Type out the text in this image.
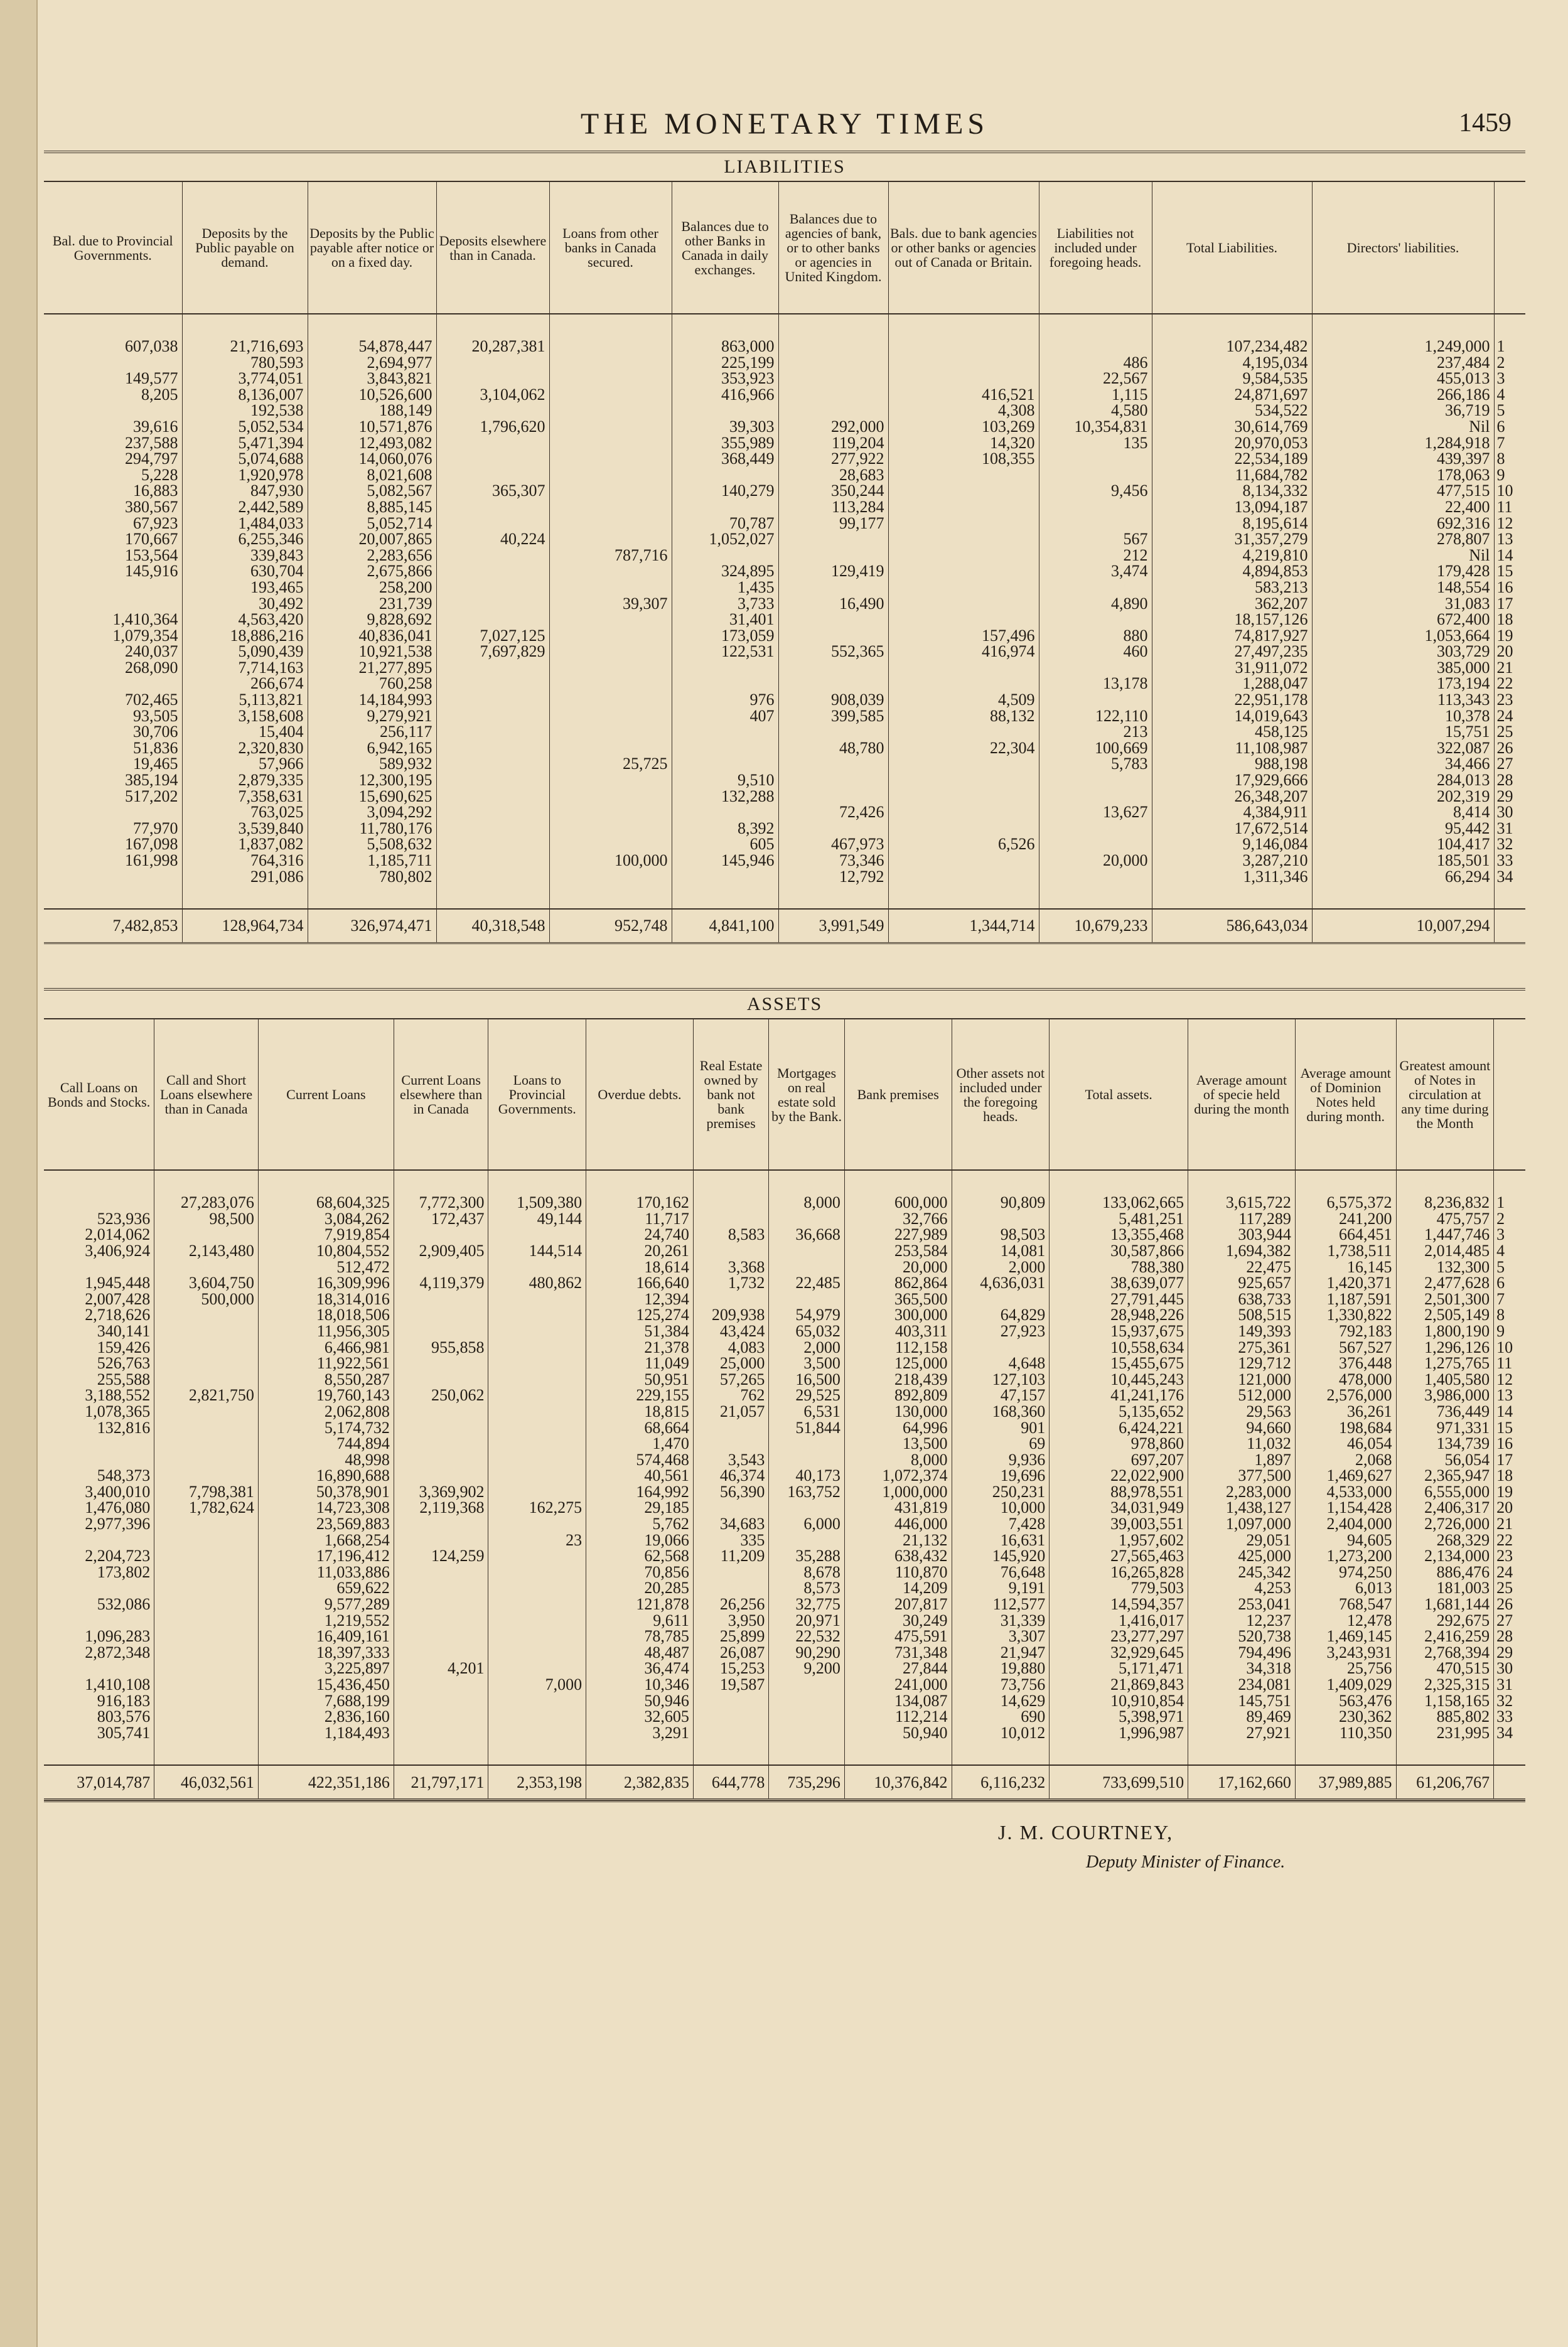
THE MONETARY TIMES	1459
LIABILITIES
Bal. due to Provincial Governments.	Deposits by the Public payable on demand.	Deposits by the Public payable after notice or on a fixed day.	Deposits elsewhere than in Canada.	Loans from other banks in Canada secured.	Balances due to other Banks in Canada in daily exchanges.	Balances due to agencies of bank, or to other banks or agencies in United Kingdom.	Bals. due to bank agencies or other banks or agencies out of Canada or Britain.	Liabilities not included under foregoing heads.	Total Liabilities.	Directors' liabilities.	

607,038	21,716,693	54,878,447	20,287,381		863,000				107,234,482	1,249,000	1
	780,593	2,694,977			225,199			486	4,195,034	237,484	2
149,577	3,774,051	3,843,821			353,923			22,567	9,584,535	455,013	3
8,205	8,136,007	10,526,600	3,104,062		416,966		416,521	1,115	24,871,697	266,186	4
	192,538	188,149					4,308	4,580	534,522	36,719	5
39,616	5,052,534	10,571,876	1,796,620		39,303	292,000	103,269	10,354,831	30,614,769	Nil	6
237,588	5,471,394	12,493,082			355,989	119,204	14,320	135	20,970,053	1,284,918	7
294,797	5,074,688	14,060,076			368,449	277,922	108,355		22,534,189	439,397	8
5,228	1,920,978	8,021,608				28,683			11,684,782	178,063	9
16,883	847,930	5,082,567	365,307		140,279	350,244		9,456	8,134,332	477,515	10
380,567	2,442,589	8,885,145				113,284			13,094,187	22,400	11
67,923	1,484,033	5,052,714			70,787	99,177			8,195,614	692,316	12
170,667	6,255,346	20,007,865	40,224		1,052,027			567	31,357,279	278,807	13
153,564	339,843	2,283,656		787,716				212	4,219,810	Nil	14
145,916	630,704	2,675,866			324,895	129,419		3,474	4,894,853	179,428	15
	193,465	258,200			1,435				583,213	148,554	16
	30,492	231,739		39,307	3,733	16,490		4,890	362,207	31,083	17
1,410,364	4,563,420	9,828,692			31,401				18,157,126	672,400	18
1,079,354	18,886,216	40,836,041	7,027,125		173,059		157,496	880	74,817,927	1,053,664	19
240,037	5,090,439	10,921,538	7,697,829		122,531	552,365	416,974	460	27,497,235	303,729	20
268,090	7,714,163	21,277,895							31,911,072	385,000	21
	266,674	760,258						13,178	1,288,047	173,194	22
702,465	5,113,821	14,184,993			976	908,039	4,509		22,951,178	113,343	23
93,505	3,158,608	9,279,921			407	399,585	88,132	122,110	14,019,643	10,378	24
30,706	15,404	256,117						213	458,125	15,751	25
51,836	2,320,830	6,942,165				48,780	22,304	100,669	11,108,987	322,087	26
19,465	57,966	589,932		25,725				5,783	988,198	34,466	27
385,194	2,879,335	12,300,195			9,510				17,929,666	284,013	28
517,202	7,358,631	15,690,625			132,288				26,348,207	202,319	29
	763,025	3,094,292				72,426		13,627	4,384,911	8,414	30
77,970	3,539,840	11,780,176			8,392				17,672,514	95,442	31
167,098	1,837,082	5,508,632			605	467,973	6,526		9,146,084	104,417	32
161,998	764,316	1,185,711		100,000	145,946	73,346		20,000	3,287,210	185,501	33
	291,086	780,802				12,792			1,311,346	66,294	34

7,482,853	128,964,734	326,974,471	40,318,548	952,748	4,841,100	3,991,549	1,344,714	10,679,233	586,643,034	10,007,294	
ASSETS
Call Loans on Bonds and Stocks.	Call and Short Loans elsewhere than in Canada	Current Loans	Current Loans elsewhere than in Canada	Loans to Provincial Governments.	Overdue debts.	Real Estate owned by bank not bank premises	Mortgages on real estate sold by the Bank.	Bank premises	Other assets not included under the foregoing heads.	Total assets.	Average amount of specie held during the month	Average amount of Dominion Notes held during month.	Greatest amount of Notes in circulation at any time during the Month	

	27,283,076	68,604,325	7,772,300	1,509,380	170,162		8,000	600,000	90,809	133,062,665	3,615,722	6,575,372	8,236,832	1
523,936	98,500	3,084,262	172,437	49,144	11,717			32,766		5,481,251	117,289	241,200	475,757	2
2,014,062		7,919,854			24,740	8,583	36,668	227,989	98,503	13,355,468	303,944	664,451	1,447,746	3
3,406,924	2,143,480	10,804,552	2,909,405	144,514	20,261			253,584	14,081	30,587,866	1,694,382	1,738,511	2,014,485	4
		512,472			18,614	3,368		20,000	2,000	788,380	22,475	16,145	132,300	5
1,945,448	3,604,750	16,309,996	4,119,379	480,862	166,640	1,732	22,485	862,864	4,636,031	38,639,077	925,657	1,420,371	2,477,628	6
2,007,428	500,000	18,314,016			12,394			365,500		27,791,445	638,733	1,187,591	2,501,300	7
2,718,626		18,018,506			125,274	209,938	54,979	300,000	64,829	28,948,226	508,515	1,330,822	2,505,149	8
340,141		11,956,305			51,384	43,424	65,032	403,311	27,923	15,937,675	149,393	792,183	1,800,190	9
159,426		6,466,981	955,858		21,378	4,083	2,000	112,158		10,558,634	275,361	567,527	1,296,126	10
526,763		11,922,561			11,049	25,000	3,500	125,000	4,648	15,455,675	129,712	376,448	1,275,765	11
255,588		8,550,287			50,951	57,265	16,500	218,439	127,103	10,445,243	121,000	478,000	1,405,580	12
3,188,552	2,821,750	19,760,143	250,062		229,155	762	29,525	892,809	47,157	41,241,176	512,000	2,576,000	3,986,000	13
1,078,365		2,062,808			18,815	21,057	6,531	130,000	168,360	5,135,652	29,563	36,261	736,449	14
132,816		5,174,732			68,664		51,844	64,996	901	6,424,221	94,660	198,684	971,331	15
		744,894			1,470			13,500	69	978,860	11,032	46,054	134,739	16
		48,998			574,468	3,543		8,000	9,936	697,207	1,897	2,068	56,054	17
548,373		16,890,688			40,561	46,374	40,173	1,072,374	19,696	22,022,900	377,500	1,469,627	2,365,947	18
3,400,010	7,798,381	50,378,901	3,369,902		164,992	56,390	163,752	1,000,000	250,231	88,978,551	2,283,000	4,533,000	6,555,000	19
1,476,080	1,782,624	14,723,308	2,119,368	162,275	29,185			431,819	10,000	34,031,949	1,438,127	1,154,428	2,406,317	20
2,977,396		23,569,883			5,762	34,683	6,000	446,000	7,428	39,003,551	1,097,000	2,404,000	2,726,000	21
		1,668,254		23	19,066	335		21,132	16,631	1,957,602	29,051	94,605	268,329	22
2,204,723		17,196,412	124,259		62,568	11,209	35,288	638,432	145,920	27,565,463	425,000	1,273,200	2,134,000	23
173,802		11,033,886			70,856		8,678	110,870	76,648	16,265,828	245,342	974,250	886,476	24
		659,622			20,285		8,573	14,209	9,191	779,503	4,253	6,013	181,003	25
532,086		9,577,289			121,878	26,256	32,775	207,817	112,577	14,594,357	253,041	768,547	1,681,144	26
		1,219,552			9,611	3,950	20,971	30,249	31,339	1,416,017	12,237	12,478	292,675	27
1,096,283		16,409,161			78,785	25,899	22,532	475,591	3,307	23,277,297	520,738	1,469,145	2,416,259	28
2,872,348		18,397,333			48,487	26,087	90,290	731,348	21,947	32,929,645	794,496	3,243,931	2,768,394	29
		3,225,897	4,201		36,474	15,253	9,200	27,844	19,880	5,171,471	34,318	25,756	470,515	30
1,410,108		15,436,450		7,000	10,346	19,587		241,000	73,756	21,869,843	234,081	1,409,029	2,325,315	31
916,183		7,688,199			50,946			134,087	14,629	10,910,854	145,751	563,476	1,158,165	32
803,576		2,836,160			32,605			112,214	690	5,398,971	89,469	230,362	885,802	33
305,741		1,184,493			3,291			50,940	10,012	1,996,987	27,921	110,350	231,995	34

37,014,787	46,032,561	422,351,186	21,797,171	2,353,198	2,382,835	644,778	735,296	10,376,842	6,116,232	733,699,510	17,162,660	37,989,885	61,206,767	
J. M. COURTNEY,
Deputy Minister of Finance.
